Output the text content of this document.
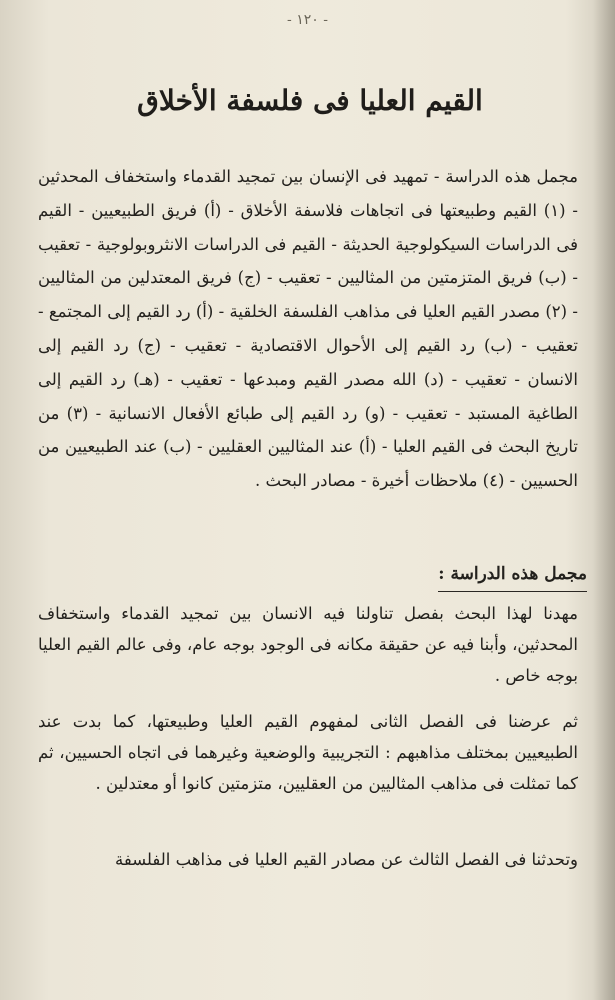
- ١٢٠ -
القيم العليا فى فلسفة الأخلاق

مجمل هذه الدراسة - تمهيد فى الإنسان بين تمجيد القدماء واستخفاف المحدثين - (١) القيم وطبيعتها فى اتجاهات فلاسفة الأخلاق - (أ) فريق الطبيعيين - القيم فى الدراسات السيكولوجية الحديثة - القيم فى الدراسات الانثروبولوجية - تعقيب - (ب) فريق المتزمتين من المثاليين - تعقيب - (ج) فريق المعتدلين من المثاليين - (٢) مصدر القيم العليا فى مذاهب الفلسفة الخلقية - (أ) رد القيم إلى المجتمع - تعقيب - (ب) رد القيم إلى الأحوال الاقتصادية - تعقيب - (ج) رد القيم إلى الانسان - تعقيب - (د) الله مصدر القيم ومبدعها - تعقيب - (هـ) رد القيم إلى الطاغية المستبد - تعقيب - (و) رد القيم إلى طبائع الأفعال الانسانية - (٣) من تاريخ البحث فى القيم العليا - (أ) عند المثاليين العقليين - (ب) عند الطبيعيين من الحسيين - (٤) ملاحظات أخيرة - مصادر البحث .

مجمل هذه الدراسة :

مهدنا لهذا البحث بفصل تناولنا فيه الانسان بين تمجيد القدماء واستخفاف المحدثين، وأبنا فيه عن حقيقة مكانه فى الوجود بوجه عام، وفى عالم القيم العليا بوجه خاص .

ثم عرضنا فى الفصل الثانى لمفهوم القيم العليا وطبيعتها، كما بدت عند الطبيعيين بمختلف مذاهبهم : التجريبية والوضعية وغيرهما فى اتجاه الحسيين، ثم كما تمثلت فى مذاهب المثاليين من العقليين، متزمتين كانوا أو معتدلين .

وتحدثنا فى الفصل الثالث عن مصادر القيم العليا فى مذاهب الفلسفة
